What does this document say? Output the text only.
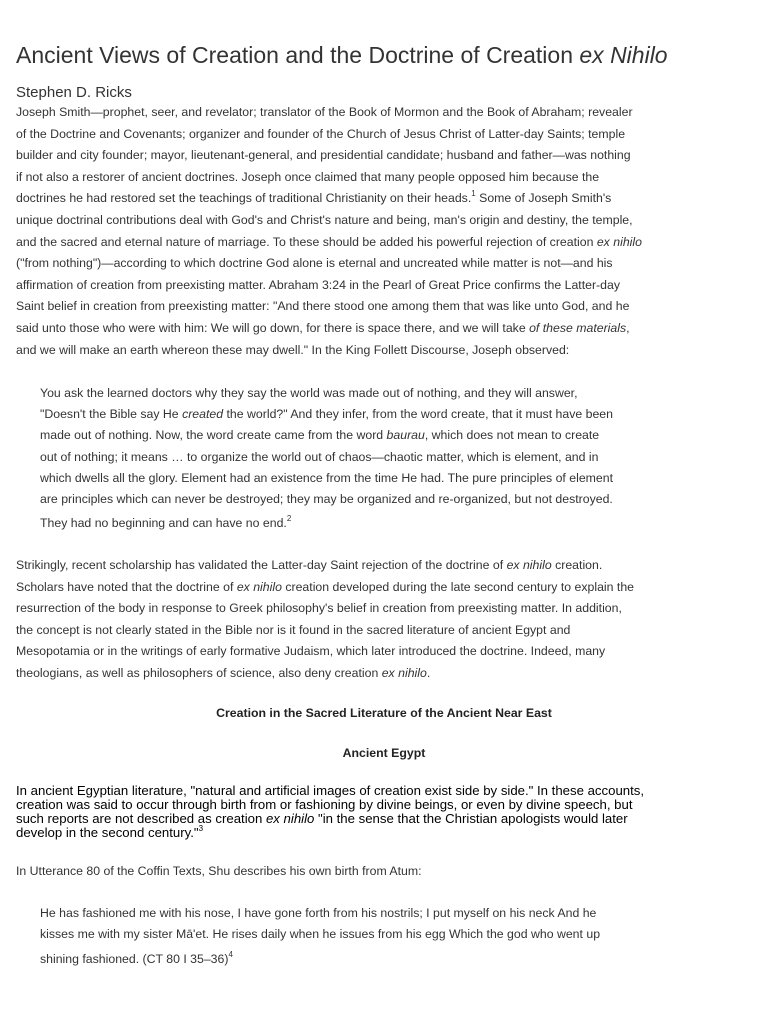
Ancient Views of Creation and the Doctrine of Creation ex Nihilo
Stephen D. Ricks
Joseph Smith—prophet, seer, and revelator; translator of the Book of Mormon and the Book of Abraham; revealer
of the Doctrine and Covenants; organizer and founder of the Church of Jesus Christ of Latter-day Saints; temple
builder and city founder; mayor, lieutenant-general, and presidential candidate; husband and father—was nothing
if not also a restorer of ancient doctrines. Joseph once claimed that many people opposed him because the
doctrines he had restored set the teachings of traditional Christianity on their heads.$^1$ Some of Joseph Smith's
unique doctrinal contributions deal with God's and Christ's nature and being, man's origin and destiny, the temple,
and the sacred and eternal nature of marriage. To these should be added his powerful rejection of creation ex nihilo
("from nothing")—according to which doctrine God alone is eternal and uncreated while matter is not—and his
affirmation of creation from preexisting matter. Abraham 3:24 in the Pearl of Great Price confirms the Latter-day
Saint belief in creation from preexisting matter: "And there stood one among them that was like unto God, and he
said unto those who were with him: We will go down, for there is space there, and we will take of these materials,
and we will make an earth whereon these may dwell." In the King Follett Discourse, Joseph observed:
You ask the learned doctors why they say the world was made out of nothing, and they will answer,
"Doesn't the Bible say He created the world?" And they infer, from the word create, that it must have been
made out of nothing. Now, the word create came from the word baurau, which does not mean to create
out of nothing; it means … to organize the world out of chaos—chaotic matter, which is element, and in
which dwells all the glory. Element had an existence from the time He had. The pure principles of element
are principles which can never be destroyed; they may be organized and re-organized, but not destroyed.
They had no beginning and can have no end.$^2$
Strikingly, recent scholarship has validated the Latter-day Saint rejection of the doctrine of ex nihilo creation.
Scholars have noted that the doctrine of ex nihilo creation developed during the late second century to explain the
resurrection of the body in response to Greek philosophy's belief in creation from preexisting matter. In addition,
the concept is not clearly stated in the Bible nor is it found in the sacred literature of ancient Egypt and
Mesopotamia or in the writings of early formative Judaism, which later introduced the doctrine. Indeed, many
theologians, as well as philosophers of science, also deny creation ex nihilo.
Creation in the Sacred Literature of the Ancient Near East
Ancient Egypt
In ancient Egyptian literature, "natural and artificial images of creation exist side by side." In these accounts,
creation was said to occur through birth from or fashioning by divine beings, or even by divine speech, but
such reports are not described as creation ex nihilo "in the sense that the Christian apologists would later
develop in the second century."$^3$
In Utterance 80 of the Coffin Texts, Shu describes his own birth from Atum:
He has fashioned me with his nose, I have gone forth from his nostrils; I put myself on his neck And he
kisses me with my sister Mā'et. He rises daily when he issues from his egg Which the god who went up
shining fashioned. (CT 80 I 35–36)$^4$
